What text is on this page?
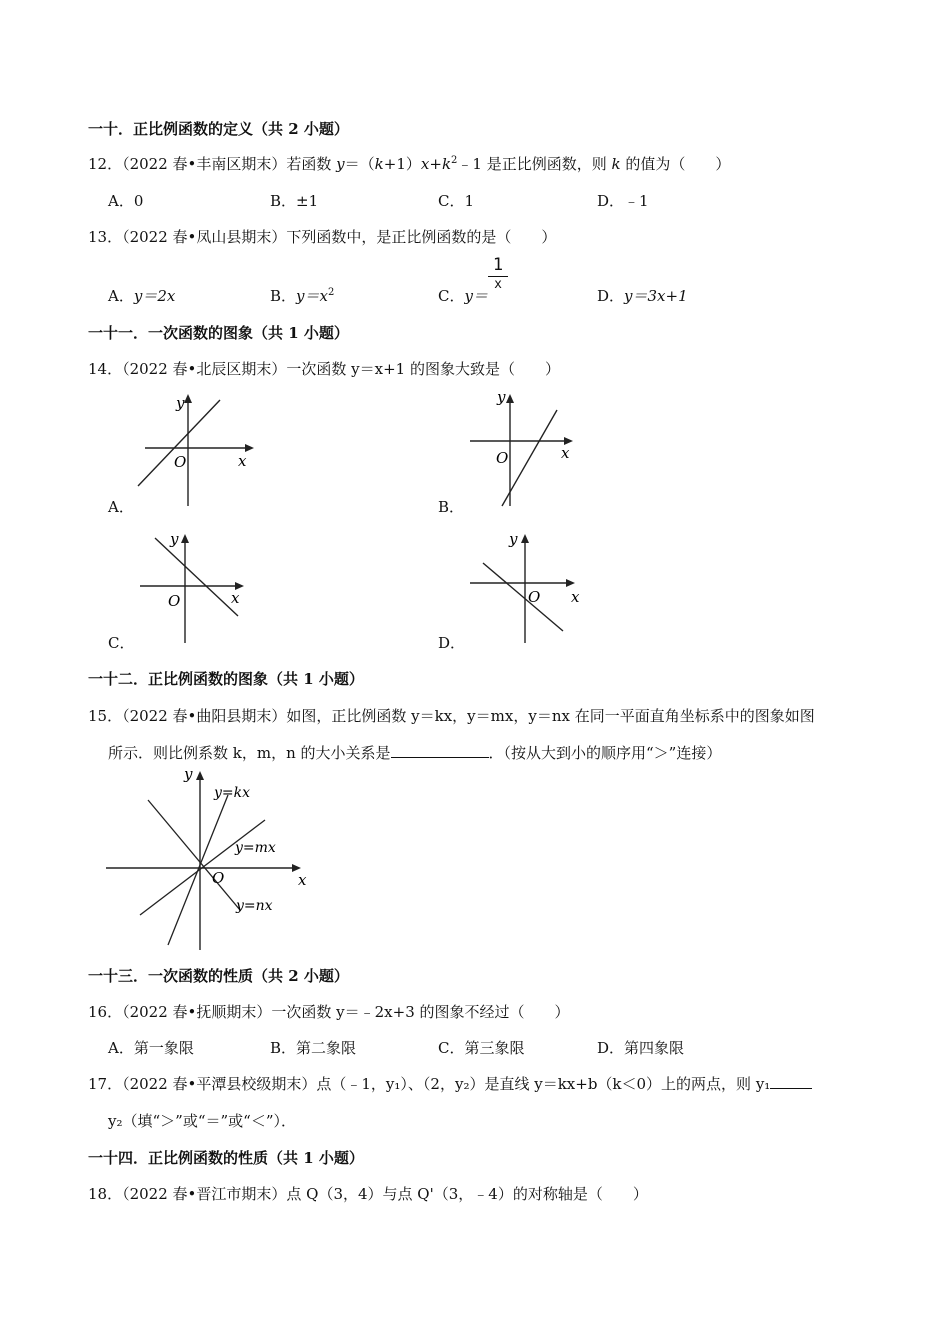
一十．正比例函数的定义（共 2 小题）
12．（2022 春•丰南区期末）若函数 $y=(k+1)x+k^2﹣1$ 是正比例函数，则 k 的值为（　　）
A．0	B．±1	C．1	D．﹣1
13．（2022 春•凤山县期末）下列函数中，是正比例函数的是（　　）
A．y＝2x	B．$y=x^2$	C．y＝
1
x
D．y＝3x+1
一十一．一次函数的图象（共 1 小题）
14．（2022 春•北辰区期末）一次函数 y＝x+1 的图象大致是（　　）
y
x
O
A．
y
x
O
B．
y
x
O
C．
y
x
O
D．
一十二．正比例函数的图象（共 1 小题）
15．（2022 春•曲阳县期末）如图，正比例函数 y＝kx，y＝mx，y＝nx 在同一平面直角坐标系中的图象如图
所示．则比例系数 k，m，n 的大小关系是	．（按从大到小的顺序用“＞”连接）
y=kx
y=mx
y=nx
y
x
O
一十三．一次函数的性质（共 2 小题）
16．（2022 春•抚顺期末）一次函数 y＝﹣2x+3 的图象不经过（　　）
A．第一象限	B．第二象限	C．第三象限	D．第四象限
17．（2022 春•平潭县校级期末）点（﹣1，y₁）、（2，y₂）是直线 y＝kx+b（k＜0）上的两点，则 y₁
y₂（填“＞”或“＝”或“＜”）．
一十四．正比例函数的性质（共 1 小题）
18．（2022 春•晋江市期末）点 Q（3，4）与点 Q'（3，﹣4）的对称轴是（　　）
